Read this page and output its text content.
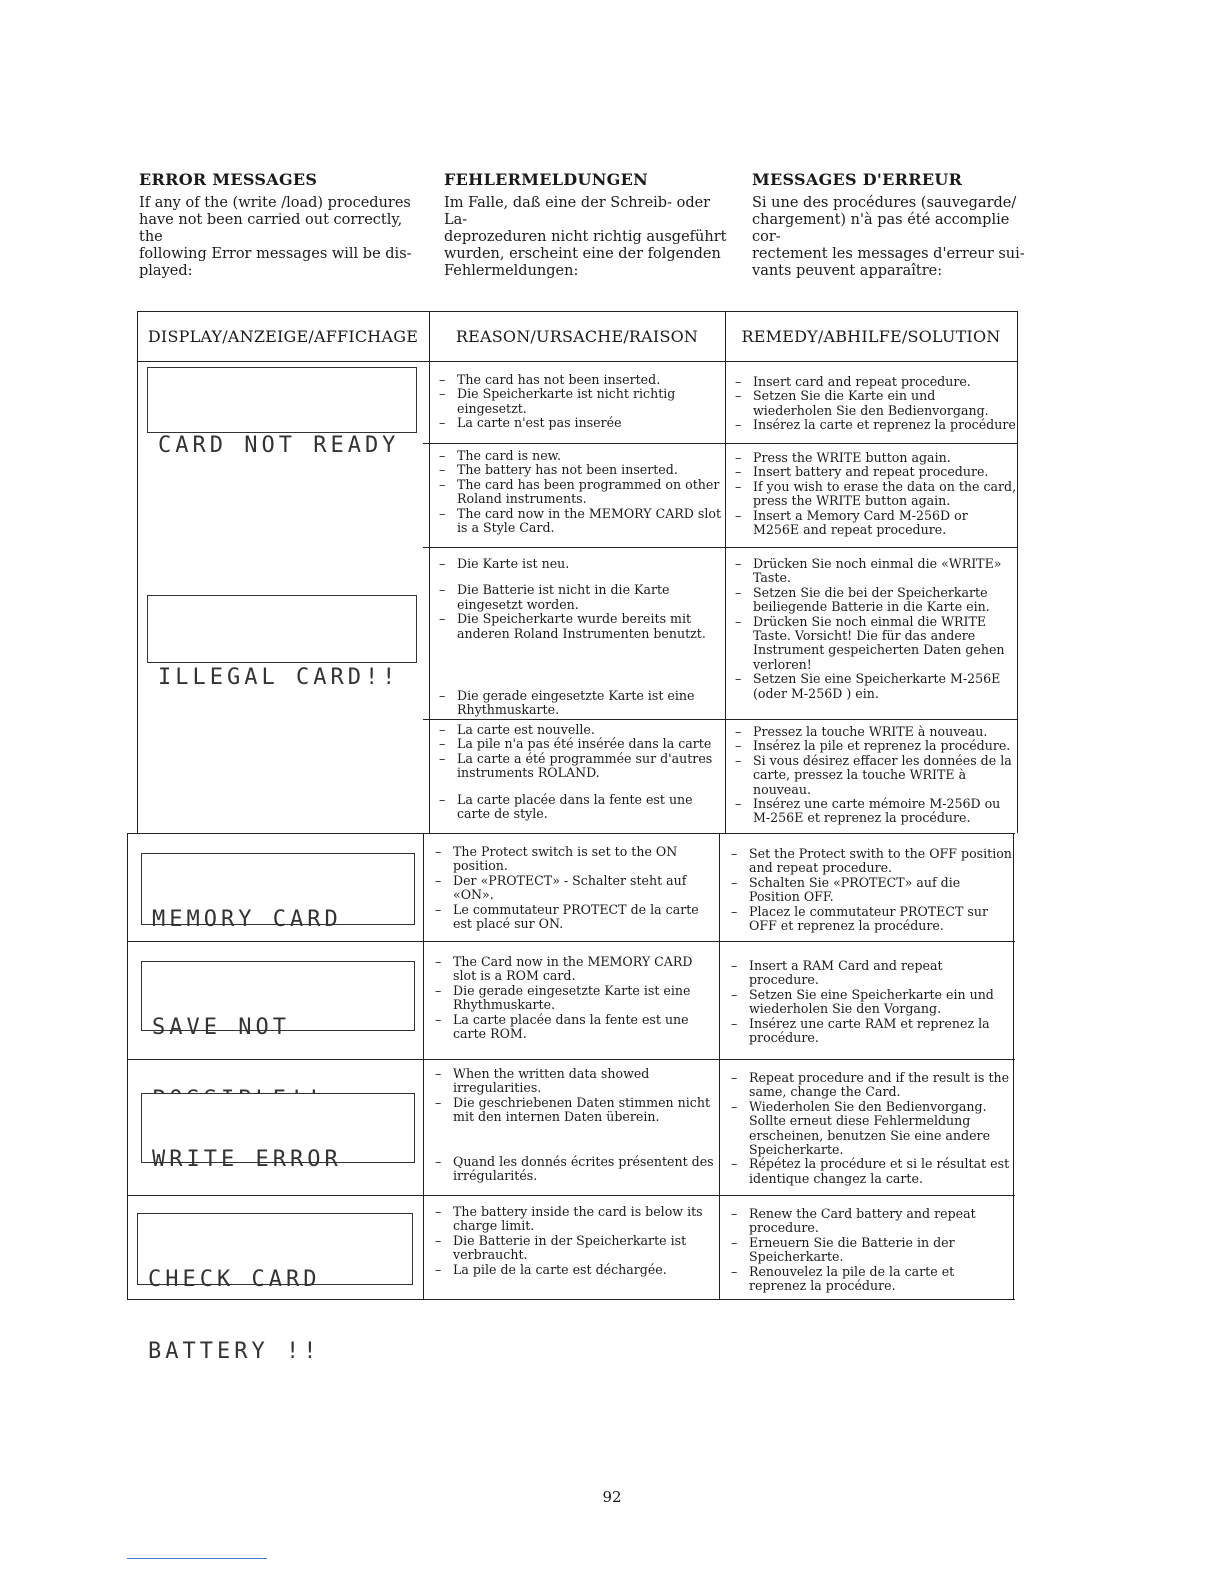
ERROR MESSAGES

If any of the (write /load) procedures
have not been carried out correctly, the
following Error messages will be dis-
played:

FEHLERMELDUNGEN

Im Falle, daß eine der Schreib- oder La-
deprozeduren nicht richtig ausgeführt
wurden, erscheint eine der folgenden
Fehlermeldungen:

MESSAGES D'ERREUR

Si une des procédures (sauvegarde/
chargement) n'à pas été accomplie cor-
rectement les messages d'erreur sui-
vants peuvent apparaître:

DISPLAY/ANZEIGE/AFFICHAGE	REASON/URSACHE/RAISON	REMEDY/ABHILFE/SOLUTION

CARD NOT READY

– The card has not been inserted.
– Die Speicherkarte ist nicht richtig eingesetzt.
– La carte n'est pas inserée
– Insert card and repeat procedure.
– Setzen Sie die Karte ein und wiederholen Sie den Bedienvorgang.
– Insérez la carte et reprenez la procédure

ILLEGAL CARD!!

– The card is new.
– The battery has not been inserted.
– The card has been programmed on other Roland instruments.
– The card now in the MEMORY CARD slot is a Style Card.
– Press the WRITE button again.
– Insert battery and repeat procedure.
– If you wish to erase the data on the card, press the WRITE button again.
– Insert a Memory Card M-256D or M256E and repeat procedure.
– Die Karte ist neu.
– Die Batterie ist nicht in die Karte eingesetzt worden.
– Die Speicherkarte wurde bereits mit anderen Roland Instrumenten benutzt.
– Die gerade eingesetzte Karte ist eine Rhythmuskarte.
– Drücken Sie noch einmal die «WRITE» Taste.
– Setzen Sie die bei der Speicherkarte beiliegende Batterie in die Karte ein.
– Drücken Sie noch einmal die WRITE Taste. Vorsicht! Die für das andere Instrument gespeicherten Daten gehen verloren!
– Setzen Sie eine Speicherkarte M-256E (oder M-256D ) ein.
– La carte est nouvelle.
– La pile n'a pas été insérée dans la carte
– La carte a été programmée sur d'autres instruments ROLAND.
– La carte placée dans la fente est une carte de style.
– Pressez la touche WRITE à nouveau.
– Insérez la pile et reprenez la procédure.
– Si vous désirez effacer les données de la carte, pressez la touche WRITE à nouveau.
– Insérez une carte mémoire M-256D ou M-256E et reprenez la procédure.

MEMORY CARD

– The Protect switch is set to the ON position.
– Der «PROTECT» - Schalter steht auf «ON».
– Le commutateur PROTECT de la carte est placé sur ON.
– Set the Protect swith to the OFF position and repeat procedure.
– Schalten Sie «PROTECT» auf die Position OFF.
– Placez le commutateur PROTECT sur OFF et reprenez la procédure.

SAVE NOT

– The Card now in the MEMORY CARD slot is a ROM card.
– Die gerade eingesetzte Karte ist eine Rhythmuskarte.
– La carte placée dans la fente est une carte ROM.
– Insert a RAM Card and repeat procedure.
– Setzen Sie eine Speicherkarte ein und wiederholen Sie den Vorgang.
– Insérez une carte RAM et reprenez la procédure.

WRITE ERROR

– When the written data showed irregularities.
– Die geschriebenen Daten stimmen nicht mit den internen Daten überein.
– Quand les donnés écrites présentent des irrégularités.
– Repeat procedure and if the result is the same, change the Card.
– Wiederholen Sie den Bedienvorgang. Sollte erneut diese Fehlermeldung erscheinen, benutzen Sie eine andere Speicherkarte.
– Répétez la procédure et si le résultat est identique changez la carte.

CHECK CARD

BATTERY !!

– The battery inside the card is below its charge limit.
– Die Batterie in der Speicherkarte ist verbraucht.
– La pile de la carte est déchargée.
– Renew the Card battery and repeat procedure.
– Erneuern Sie die Batterie in der Speicherkarte.
– Renouvelez la pile de la carte et reprenez la procédure.
92
